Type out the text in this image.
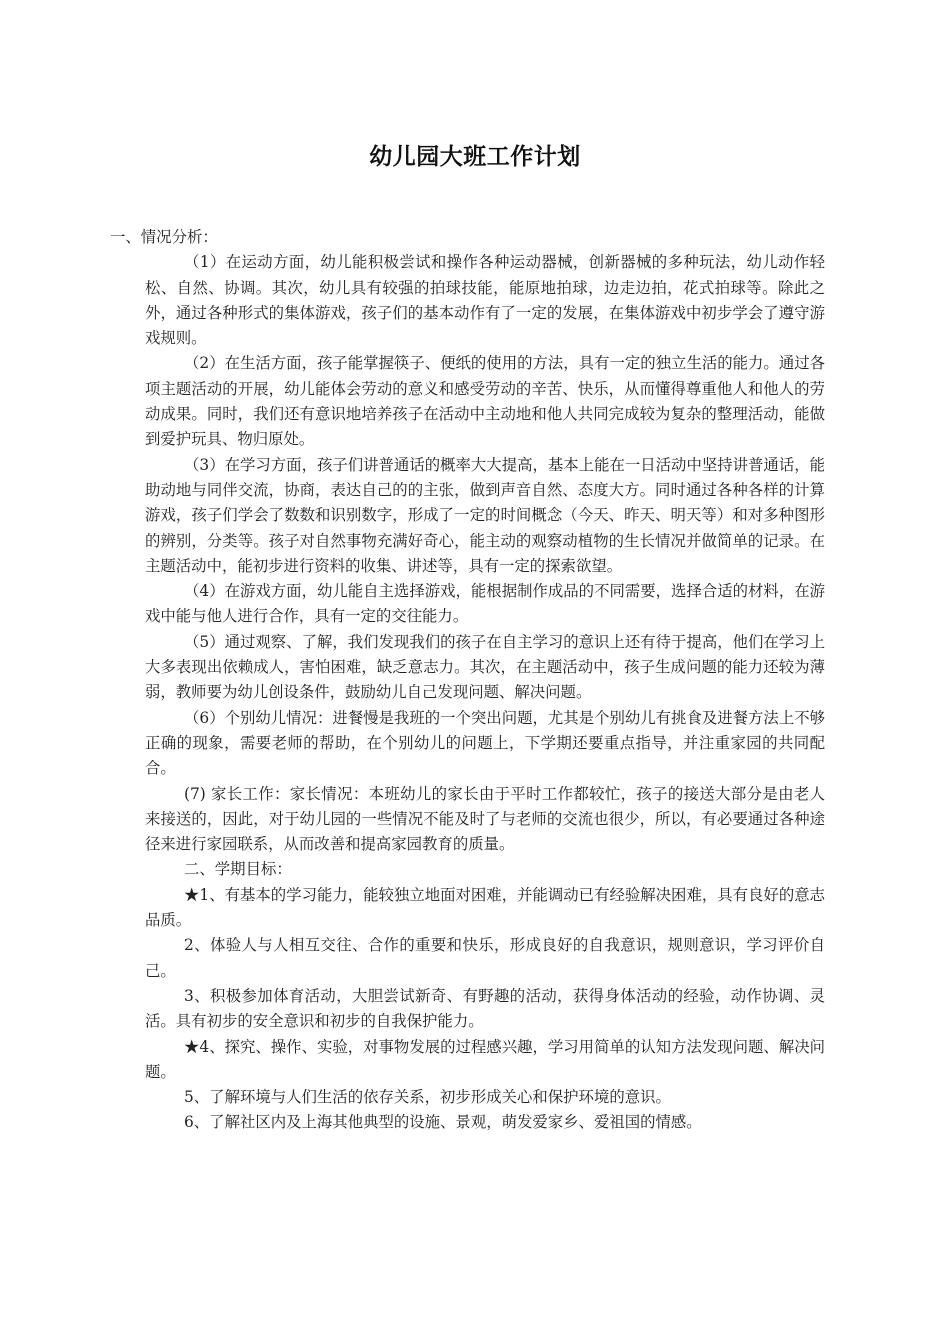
幼儿园大班工作计划

一、情况分析：

（1）在运动方面，幼儿能积极尝试和操作各种运动器械，创新器械的多种玩法，幼儿动作轻松、自然、协调。其次，幼儿具有较强的拍球技能，能原地拍球，边走边拍，花式拍球等。除此之外，通过各种形式的集体游戏，孩子们的基本动作有了一定的发展，在集体游戏中初步学会了遵守游戏规则。

（2）在生活方面，孩子能掌握筷子、便纸的使用的方法，具有一定的独立生活的能力。通过各项主题活动的开展，幼儿能体会劳动的意义和感受劳动的辛苦、快乐，从而懂得尊重他人和他人的劳动成果。同时，我们还有意识地培养孩子在活动中主动地和他人共同完成较为复杂的整理活动，能做到爱护玩具、物归原处。

（3）在学习方面，孩子们讲普通话的概率大大提高，基本上能在一日活动中坚持讲普通话，能助动地与同伴交流，协商，表达自己的的主张，做到声音自然、态度大方。同时通过各种各样的计算游戏，孩子们学会了数数和识别数字，形成了一定的时间概念（今天、昨天、明天等）和对多种图形的辨别，分类等。孩子对自然事物充满好奇心，能主动的观察动植物的生长情况并做简单的记录。在主题活动中，能初步进行资料的收集、讲述等，具有一定的探索欲望。

（4）在游戏方面，幼儿能自主选择游戏，能根据制作成品的不同需要，选择合适的材料，在游戏中能与他人进行合作，具有一定的交往能力。

（5）通过观察、了解，我们发现我们的孩子在自主学习的意识上还有待于提高，他们在学习上大多表现出依赖成人，害怕困难，缺乏意志力。其次，在主题活动中，孩子生成问题的能力还较为薄弱，教师要为幼儿创设条件，鼓励幼儿自己发现问题、解决问题。

（6）个别幼儿情况：进餐慢是我班的一个突出问题，尤其是个别幼儿有挑食及进餐方法上不够正确的现象，需要老师的帮助，在个别幼儿的问题上，下学期还要重点指导，并注重家园的共同配合。

(7) 家长工作：家长情况：本班幼儿的家长由于平时工作都较忙，孩子的接送大部分是由老人来接送的，因此，对于幼儿园的一些情况不能及时了与老师的交流也很少，所以，有必要通过各种途径来进行家园联系，从而改善和提高家园教育的质量。

二、学期目标：

★1、有基本的学习能力，能较独立地面对困难，并能调动已有经验解决困难，具有良好的意志品质。

2、体验人与人相互交往、合作的重要和快乐，形成良好的自我意识，规则意识，学习评价自己。

3、积极参加体育活动，大胆尝试新奇、有野趣的活动，获得身体活动的经验，动作协调、灵活。具有初步的安全意识和初步的自我保护能力。

★4、探究、操作、实验，对事物发展的过程感兴趣，学习用简单的认知方法发现问题、解决问题。

5、了解环境与人们生活的依存关系，初步形成关心和保护环境的意识。

6、了解社区内及上海其他典型的设施、景观，萌发爱家乡、爱祖国的情感。
